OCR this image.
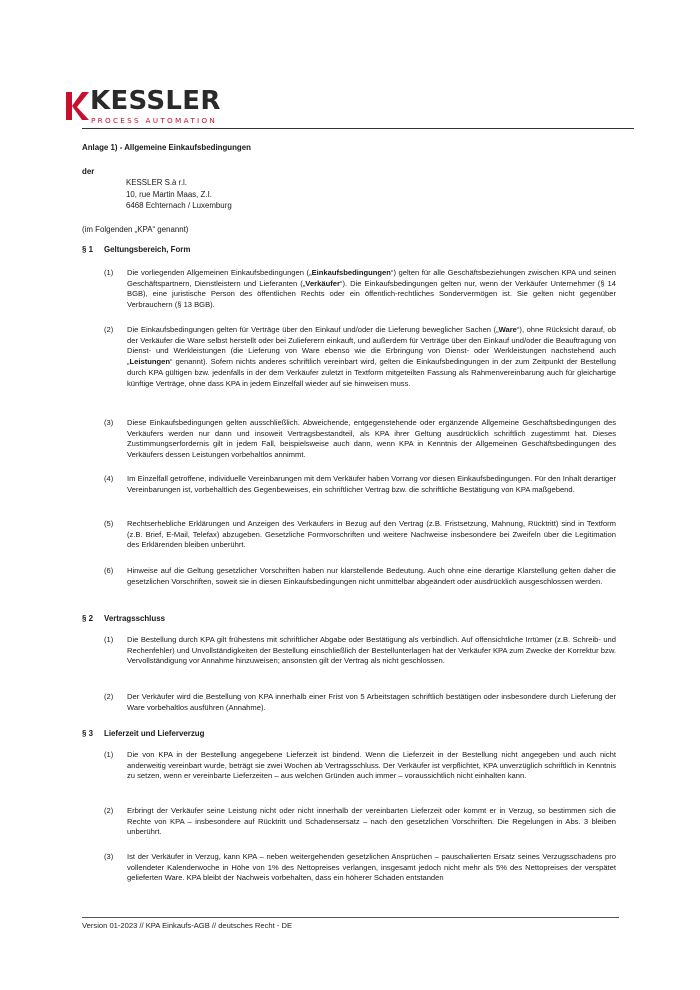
KESSLER
PROCESS AUTOMATION
Anlage 1) - Allgemeine Einkaufsbedingungen
der
KESSLER S.à r.l.
10, rue Martin Maas, Z.I.
6468 Echternach / Luxemburg
(im Folgenden „KPA“ genannt)
§ 1 Geltungsbereich, Form
(1) Die vorliegenden Allgemeinen Einkaufsbedingungen („Einkaufsbedingungen“) gelten für alle Geschäftsbeziehungen zwischen KPA und seinen Geschäftspartnern, Dienstleistern und Lieferanten („Verkäufer“). Die Einkaufsbedingungen gelten nur, wenn der Verkäufer Unternehmer (§ 14 BGB), eine juristische Person des öffentlichen Rechts oder ein öffentlich-rechtliches Sondervermögen ist. Sie gelten nicht gegenüber Verbrauchern (§ 13 BGB).
(2) Die Einkaufsbedingungen gelten für Verträge über den Einkauf und/oder die Lieferung beweglicher Sachen („Ware“), ohne Rücksicht darauf, ob der Verkäufer die Ware selbst herstellt oder bei Zulieferern einkauft, und außerdem für Verträge über den Einkauf und/oder die Beauftragung von Dienst- und Werkleistungen (die Lieferung von Ware ebenso wie die Erbringung von Dienst- oder Werkleistungen nachstehend auch „Leistungen“ genannt). Sofern nichts anderes schriftlich vereinbart wird, gelten die Einkaufsbedingungen in der zum Zeitpunkt der Bestellung durch KPA gültigen bzw. jedenfalls in der dem Verkäufer zuletzt in Textform mitgeteilten Fassung als Rahmenvereinbarung auch für gleichartige künftige Verträge, ohne dass KPA in jedem Einzelfall wieder auf sie hinweisen muss.
(3) Diese Einkaufsbedingungen gelten ausschließlich. Abweichende, entgegenstehende oder ergänzende Allgemeine Geschäftsbedingungen des Verkäufers werden nur dann und insoweit Vertragsbestandteil, als KPA ihrer Geltung ausdrücklich schriftlich zugestimmt hat. Dieses Zustimmungserfordernis gilt in jedem Fall, beispielsweise auch dann, wenn KPA in Kenntnis der Allgemeinen Geschäftsbedingungen des Verkäufers dessen Leistungen vorbehaltlos annimmt.
(4) Im Einzelfall getroffene, individuelle Vereinbarungen mit dem Verkäufer haben Vorrang vor diesen Einkaufsbedingungen. Für den Inhalt derartiger Vereinbarungen ist, vorbehaltlich des Gegenbeweises, ein schriftlicher Vertrag bzw. die schriftliche Bestätigung von KPA maßgebend.
(5) Rechtserhebliche Erklärungen und Anzeigen des Verkäufers in Bezug auf den Vertrag (z.B. Fristsetzung, Mahnung, Rücktritt) sind in Textform (z.B. Brief, E-Mail, Telefax) abzugeben. Gesetzliche Formvorschriften und weitere Nachweise insbesondere bei Zweifeln über die Legitimation des Erklärenden bleiben unberührt.
(6) Hinweise auf die Geltung gesetzlicher Vorschriften haben nur klarstellende Bedeutung. Auch ohne eine derartige Klarstellung gelten daher die gesetzlichen Vorschriften, soweit sie in diesen Einkaufsbedingungen nicht unmittelbar abgeändert oder ausdrücklich ausgeschlossen werden.
§ 2 Vertragsschluss
(1) Die Bestellung durch KPA gilt frühestens mit schriftlicher Abgabe oder Bestätigung als verbindlich. Auf offensichtliche Irrtümer (z.B. Schreib- und Rechenfehler) und Unvollständigkeiten der Bestellung einschließlich der Bestellunterlagen hat der Verkäufer KPA zum Zwecke der Korrektur bzw. Vervollständigung vor Annahme hinzuweisen; ansonsten gilt der Vertrag als nicht geschlossen.
(2) Der Verkäufer wird die Bestellung von KPA innerhalb einer Frist von 5 Arbeitstagen schriftlich bestätigen oder insbesondere durch Lieferung der Ware vorbehaltlos ausführen (Annahme).
§ 3 Lieferzeit und Lieferverzug
(1) Die von KPA in der Bestellung angegebene Lieferzeit ist bindend. Wenn die Lieferzeit in der Bestellung nicht angegeben und auch nicht anderweitig vereinbart wurde, beträgt sie zwei Wochen ab Vertragsschluss. Der Verkäufer ist verpflichtet, KPA unverzüglich schriftlich in Kenntnis zu setzen, wenn er vereinbarte Lieferzeiten – aus welchen Gründen auch immer – voraussichtlich nicht einhalten kann.
(2) Erbringt der Verkäufer seine Leistung nicht oder nicht innerhalb der vereinbarten Lieferzeit oder kommt er in Verzug, so bestimmen sich die Rechte von KPA – insbesondere auf Rücktritt und Schadensersatz – nach den gesetzlichen Vorschriften. Die Regelungen in Abs. 3 bleiben unberührt.
(3) Ist der Verkäufer in Verzug, kann KPA – neben weitergehenden gesetzlichen Ansprüchen – pauschalierten Ersatz seines Verzugsschadens pro vollendeter Kalenderwoche in Höhe von 1% des Nettopreises verlangen, insgesamt jedoch nicht mehr als 5% des Nettopreises der verspätet gelieferten Ware. KPA bleibt der Nachweis vorbehalten, dass ein höherer Schaden entstanden
Version 01-2023 // KPA Einkaufs-AGB // deutsches Recht - DE
